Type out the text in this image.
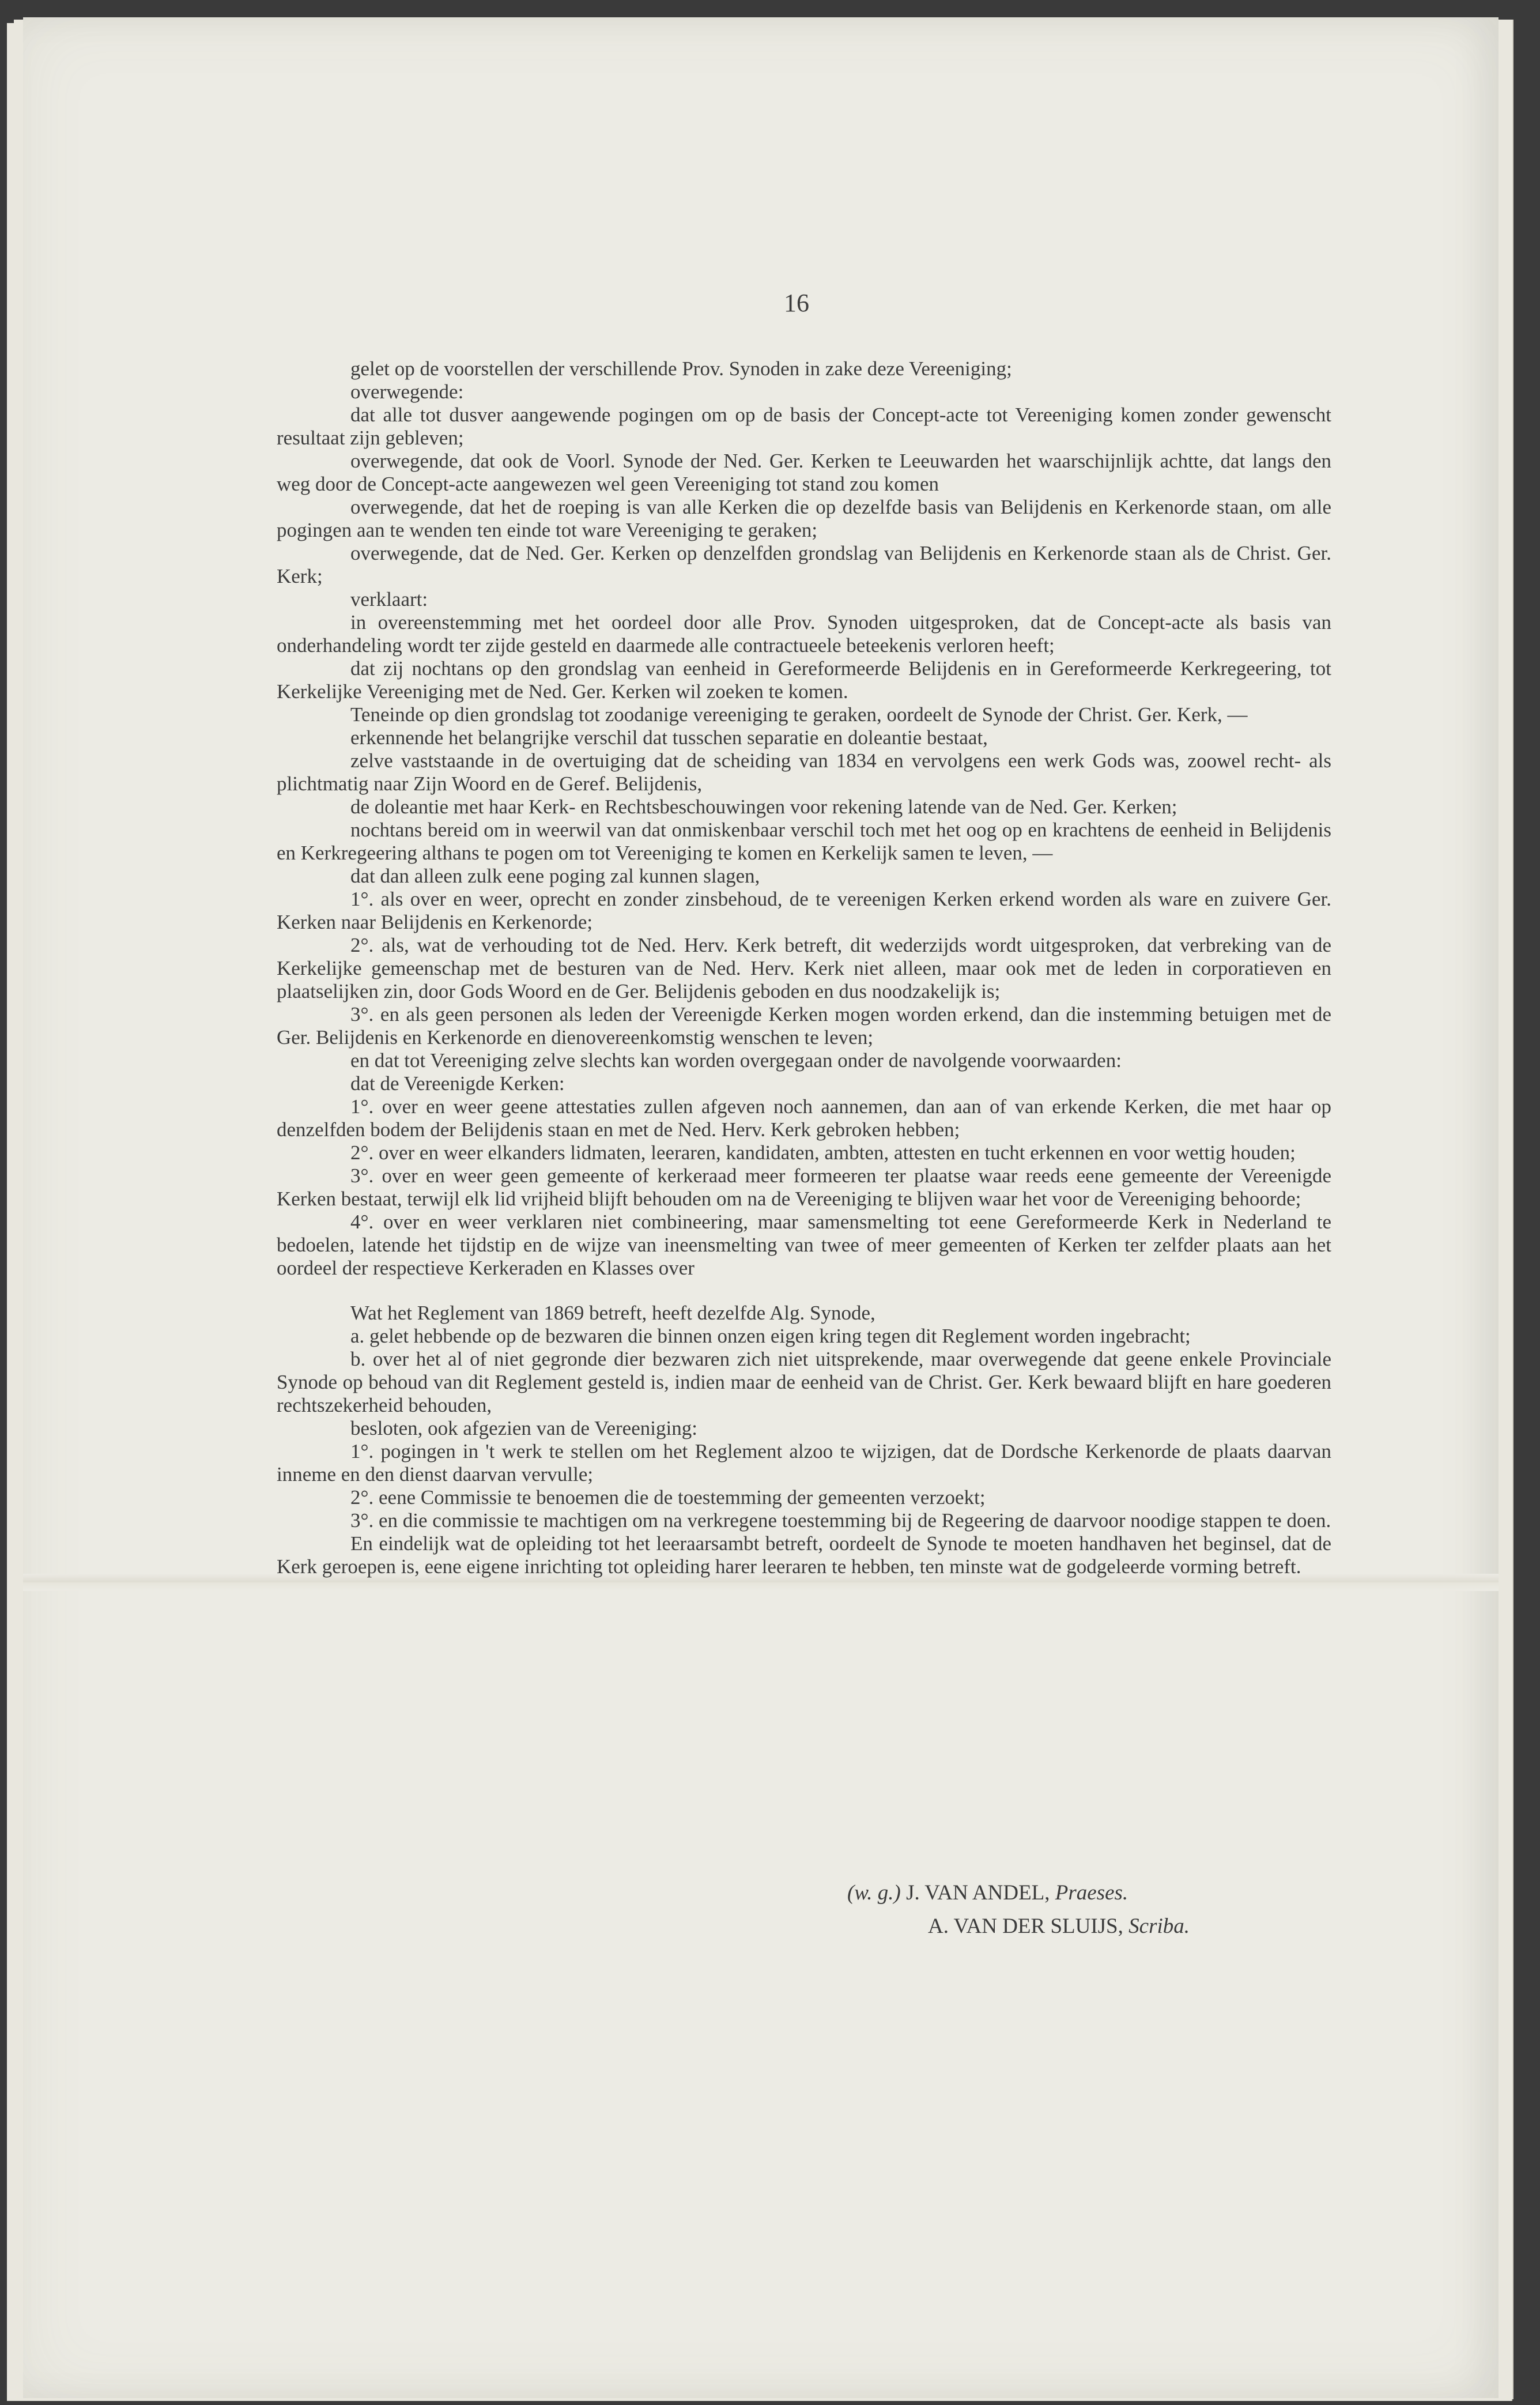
16

gelet op de voorstellen der verschillende Prov. Synoden in zake deze Vereeniging;

overwegende:

dat alle tot dusver aangewende pogingen om op de basis der Concept-acte tot Vereeniging komen zonder gewenscht resultaat zijn gebleven;

overwegende, dat ook de Voorl. Synode der Ned. Ger. Kerken te Leeuwarden het waarschijnlijk achtte, dat langs den weg door de Concept-acte aangewezen wel geen Vereeniging tot stand zou komen

overwegende, dat het de roeping is van alle Kerken die op dezelfde basis van Belijdenis en Kerkenorde staan, om alle pogingen aan te wenden ten einde tot ware Vereeniging te geraken;

overwegende, dat de Ned. Ger. Kerken op denzelfden grondslag van Belijdenis en Kerkenorde staan als de Christ. Ger. Kerk;

verklaart:

in overeenstemming met het oordeel door alle Prov. Synoden uitgesproken, dat de Concept-acte als basis van onderhandeling wordt ter zijde gesteld en daarmede alle contractueele beteekenis verloren heeft;

dat zij nochtans op den grondslag van eenheid in Gereformeerde Belijdenis en in Gereformeerde Kerkregeering, tot Kerkelijke Vereeniging met de Ned. Ger. Kerken wil zoeken te komen.

Teneinde op dien grondslag tot zoodanige vereeniging te geraken, oordeelt de Synode der Christ. Ger. Kerk, —

erkennende het belangrijke verschil dat tusschen separatie en doleantie bestaat,

zelve vaststaande in de overtuiging dat de scheiding van 1834 en vervolgens een werk Gods was, zoowel recht- als plichtmatig naar Zijn Woord en de Geref. Belijdenis,

de doleantie met haar Kerk- en Rechtsbeschouwingen voor rekening latende van de Ned. Ger. Kerken;

nochtans bereid om in weerwil van dat onmiskenbaar verschil toch met het oog op en krachtens de eenheid in Belijdenis en Kerkregeering althans te pogen om tot Vereeniging te komen en Kerkelijk samen te leven, —

dat dan alleen zulk eene poging zal kunnen slagen,

1°. als over en weer, oprecht en zonder zinsbehoud, de te vereenigen Kerken erkend worden als ware en zuivere Ger. Kerken naar Belijdenis en Kerkenorde;

2°. als, wat de verhouding tot de Ned. Herv. Kerk betreft, dit wederzijds wordt uitgesproken, dat verbreking van de Kerkelijke gemeenschap met de besturen van de Ned. Herv. Kerk niet alleen, maar ook met de leden in corporatieven en plaatselijken zin, door Gods Woord en de Ger. Belijdenis geboden en dus noodzakelijk is;

3°. en als geen personen als leden der Vereenigde Kerken mogen worden erkend, dan die instemming betuigen met de Ger. Belijdenis en Kerkenorde en dienovereenkomstig wenschen te leven;

en dat tot Vereeniging zelve slechts kan worden overgegaan onder de navolgende voorwaarden:

dat de Vereenigde Kerken:

1°. over en weer geene attestaties zullen afgeven noch aannemen, dan aan of van erkende Kerken, die met haar op denzelfden bodem der Belijdenis staan en met de Ned. Herv. Kerk gebroken hebben;

2°. over en weer elkanders lidmaten, leeraren, kandidaten, ambten, attesten en tucht erkennen en voor wettig houden;

3°. over en weer geen gemeente of kerkeraad meer formeeren ter plaatse waar reeds eene gemeente der Vereenigde Kerken bestaat, terwijl elk lid vrijheid blijft behouden om na de Vereeniging te blijven waar het voor de Vereeniging behoorde;

4°. over en weer verklaren niet combineering, maar samensmelting tot eene Gereformeerde Kerk in Nederland te bedoelen, latende het tijdstip en de wijze van ineensmelting van twee of meer gemeenten of Kerken ter zelfder plaats aan het oordeel der respectieve Kerkeraden en Klasses over

Wat het Reglement van 1869 betreft, heeft dezelfde Alg. Synode,

a. gelet hebbende op de bezwaren die binnen onzen eigen kring tegen dit Reglement worden ingebracht;

b. over het al of niet gegronde dier bezwaren zich niet uitsprekende, maar overwegende dat geene enkele Provinciale Synode op behoud van dit Reglement gesteld is, indien maar de eenheid van de Christ. Ger. Kerk bewaard blijft en hare goederen rechtszekerheid behouden,

besloten, ook afgezien van de Vereeniging:

1°. pogingen in 't werk te stellen om het Reglement alzoo te wijzigen, dat de Dordsche Kerkenorde de plaats daarvan inneme en den dienst daarvan vervulle;

2°. eene Commissie te benoemen die de toestemming der gemeenten verzoekt;

3°. en die commissie te machtigen om na verkregene toestemming bij de Regeering de daarvoor noodige stappen te doen.

En eindelijk wat de opleiding tot het leeraarsambt betreft, oordeelt de Synode te moeten handhaven het beginsel, dat de Kerk geroepen is, eene eigene inrichting tot opleiding harer leeraren te hebben, ten minste wat de godgeleerde vorming betreft.

(w. g.) J. VAN ANDEL, Praeses.
A. VAN DER SLUIJS, Scriba.
